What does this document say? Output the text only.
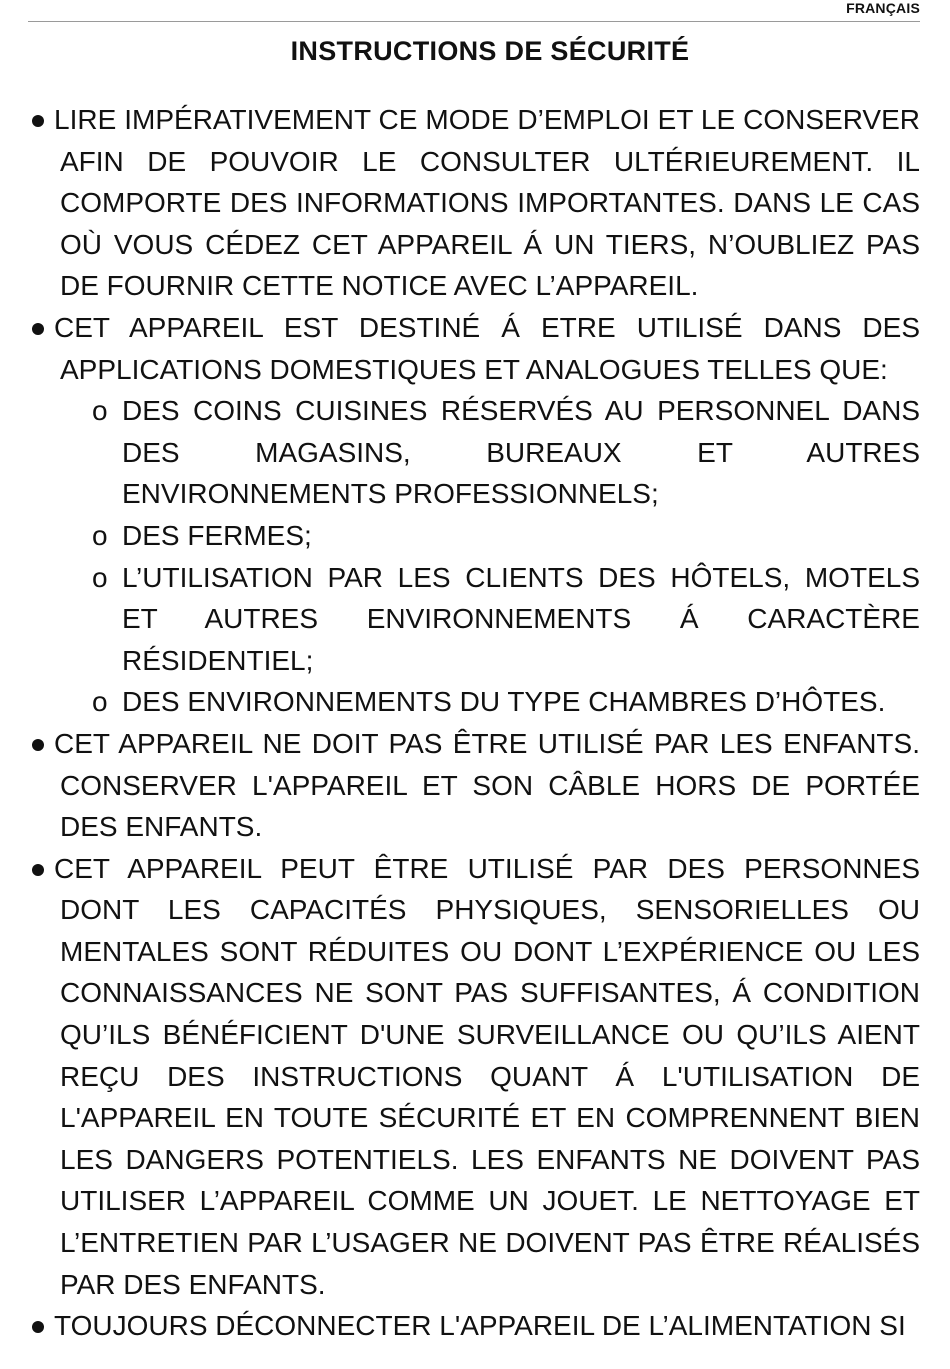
FRANÇAIS
INSTRUCTIONS DE SÉCURITÉ
LIRE IMPÉRATIVEMENT CE MODE D’EMPLOI ET LE CONSERVER AFIN DE POUVOIR LE CONSULTER ULTÉRIEUREMENT. IL COMPORTE DES INFORMATIONS IMPORTANTES. DANS LE CAS OÙ VOUS CÉDEZ CET APPAREIL Á UN TIERS, N’OUBLIEZ PAS DE FOURNIR CETTE NOTICE AVEC L’APPAREIL.
CET APPAREIL EST DESTINÉ Á ETRE UTILISÉ DANS DES APPLICATIONS DOMESTIQUES ET ANALOGUES TELLES QUE:
o DES COINS CUISINES RÉSERVÉS AU PERSONNEL DANS DES MAGASINS, BUREAUX ET AUTRES ENVIRONNEMENTS PROFESSIONNELS;
o DES FERMES;
o L’UTILISATION PAR LES CLIENTS DES HÔTELS, MOTELS ET AUTRES ENVIRONNEMENTS Á CARACTÈRE RÉSIDENTIEL;
o DES ENVIRONNEMENTS DU TYPE CHAMBRES D’HÔTES.
CET APPAREIL NE DOIT PAS ÊTRE UTILISÉ PAR LES ENFANTS. CONSERVER L'APPAREIL ET SON CÂBLE HORS DE PORTÉE DES ENFANTS.
CET APPAREIL PEUT ÊTRE UTILISÉ PAR DES PERSONNES DONT LES CAPACITÉS PHYSIQUES, SENSORIELLES OU MENTALES SONT RÉDUITES OU DONT L’EXPÉRIENCE OU LES CONNAISSANCES NE SONT PAS SUFFISANTES, Á CONDITION QU’ILS BÉNÉFICIENT D'UNE SURVEILLANCE OU QU’ILS AIENT REÇU DES INSTRUCTIONS QUANT Á L'UTILISATION DE L'APPAREIL EN TOUTE SÉCURITÉ ET EN COMPRENNENT BIEN LES DANGERS POTENTIELS. LES ENFANTS NE DOIVENT PAS UTILISER L’APPAREIL COMME UN JOUET. LE NETTOYAGE ET L’ENTRETIEN PAR L’USAGER NE DOIVENT PAS ÊTRE RÉALISÉS PAR DES ENFANTS.
TOUJOURS DÉCONNECTER L'APPAREIL DE L’ALIMENTATION SI
